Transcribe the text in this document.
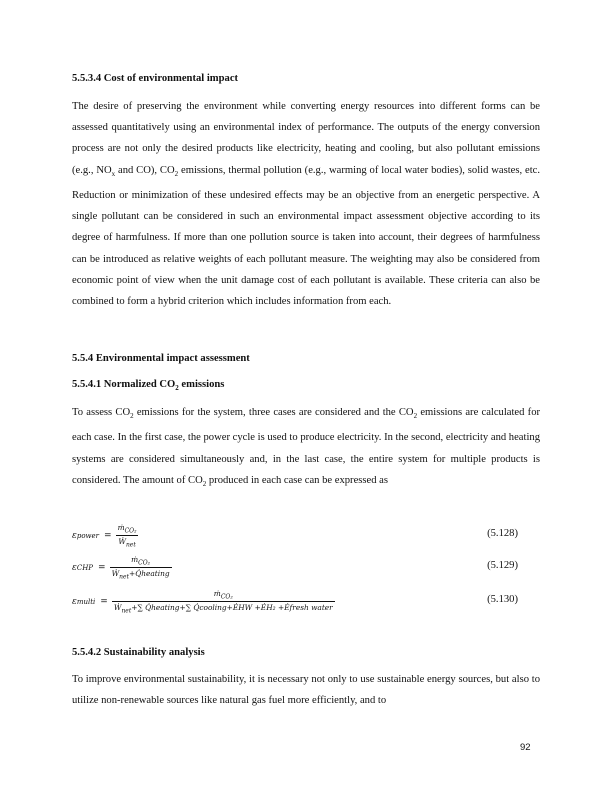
5.5.3.4 Cost of environmental impact

The desire of preserving the environment while converting energy resources into different forms can be assessed quantitatively using an environmental index of performance. The outputs of the energy conversion process are not only the desired products like electricity, heating and cooling, but also pollutant emissions (e.g., $NO_x$ and CO), $CO_2$ emissions, thermal pollution (e.g., warming of local water bodies), solid wastes, etc. Reduction or minimization of these undesired effects may be an objective from an energetic perspective. A single pollutant can be considered in such an environmental impact assessment objective according to its degree of harmfulness. If more than one pollution source is taken into account, their degrees of harmfulness can be introduced as relative weights of each pollutant measure. The weighting may also be considered from economic point of view when the unit damage cost of each pollutant is available. These criteria can also be combined to form a hybrid criterion which includes information from each.

5.5.4 Environmental impact assessment
5.5.4.1 Normalized $CO_2$ emissions

To assess $CO_2$ emissions for the system, three cases are considered and the $CO_2$ emissions are calculated for each case. In the first case, the power cycle is used to produce electricity. In the second, electricity and heating systems are considered simultaneously and, in the last case, the entire system for multiple products is considered. The amount of $CO_2$ produced in each case can be expressed as

ε power = $\frac{ṁ_{CO_2}}{Ẇ_{net}}$	(5.128)
ε CHP = $\frac{ṁ_{CO_2}}{Ẇ_{net}+Q̇heating}$	(5.129)
ε multi = $\frac{ṁ_{CO_2}}{Ẇ_{net}+\sum Q̇heating+\sum Q̇cooling+ĖHW +ĖH_2 +Ėfresh water}$	(5.130)
5.5.4.2 Sustainability analysis

To improve environmental sustainability, it is necessary not only to use sustainable energy sources, but also to utilize non-renewable sources like natural gas fuel more efficiently, and to

92
